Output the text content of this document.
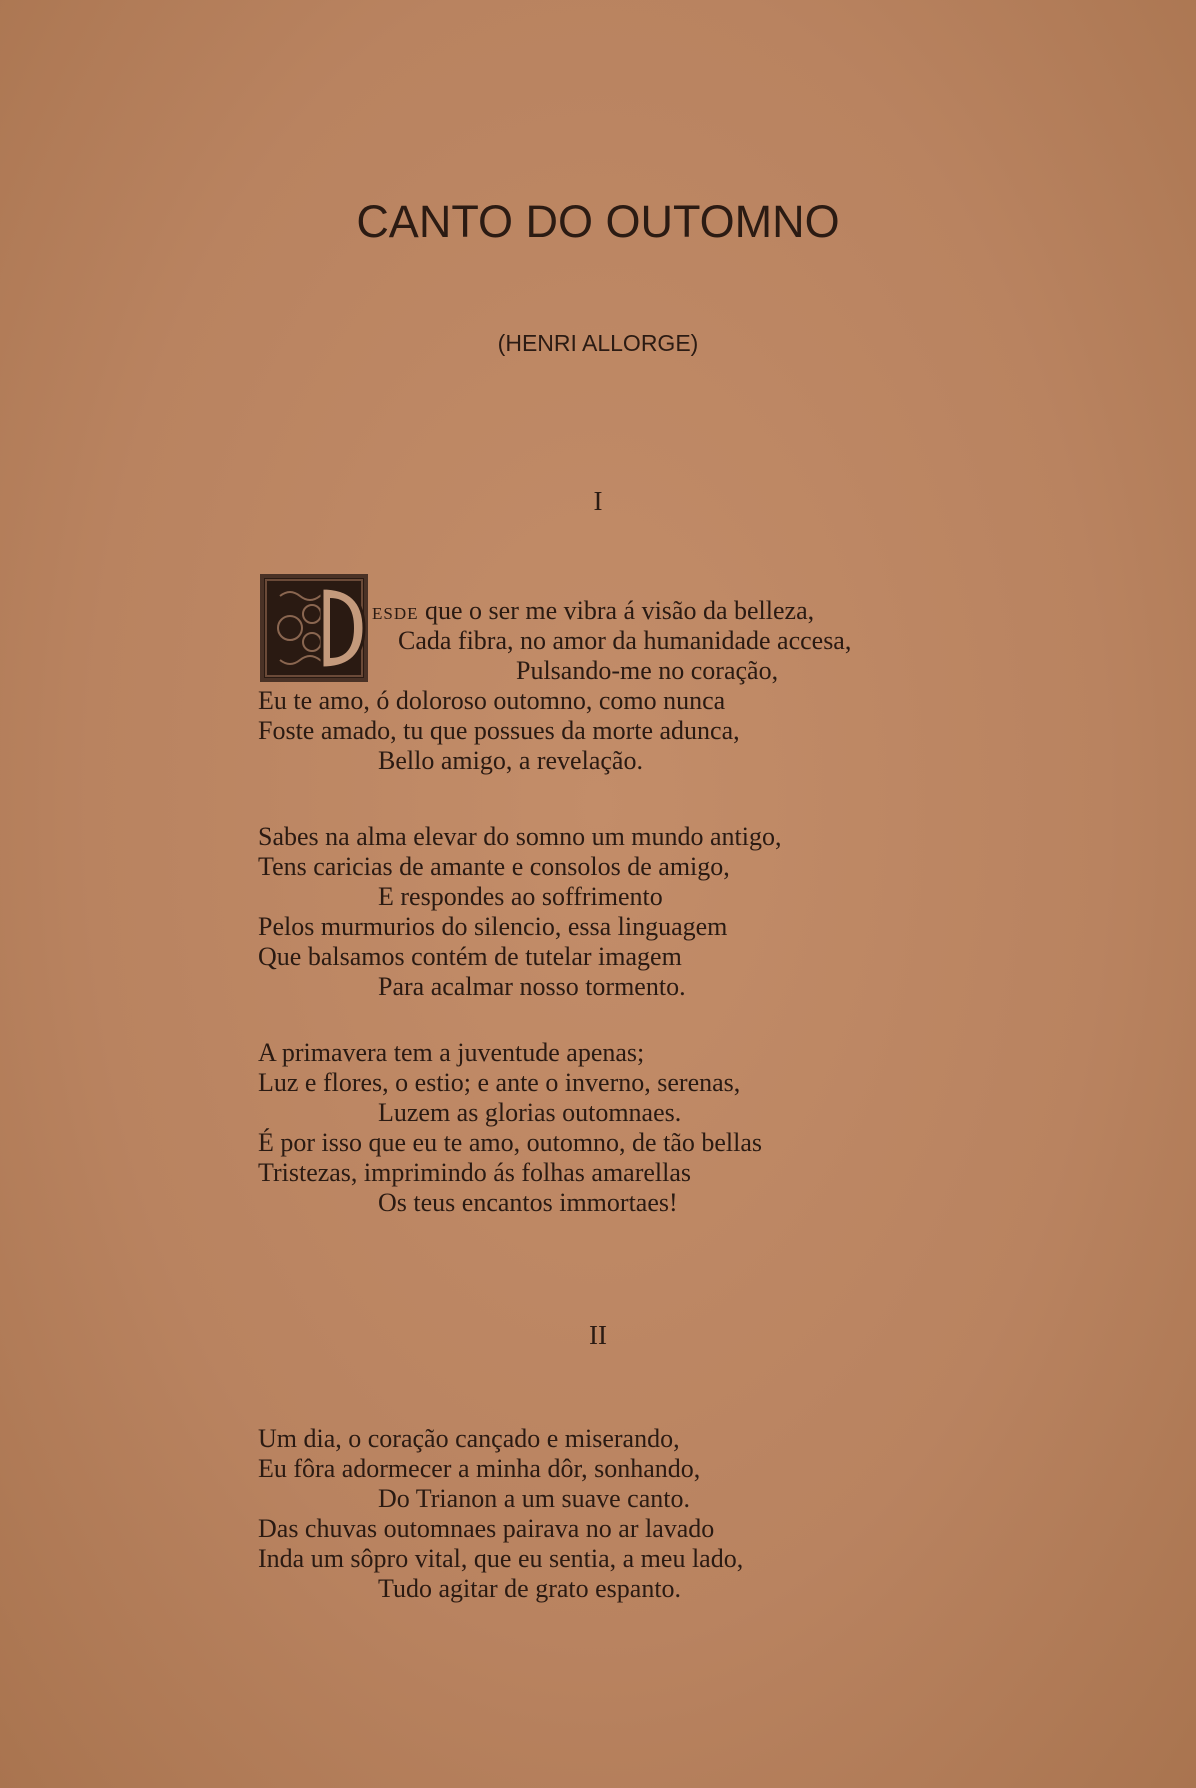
CANTO DO OUTOMNO
(HENRI ALLORGE)
I
ESDE que o ser me vibra á visão da belleza,
Cada fibra, no amor da humanidade accesa,
Pulsando-me no coração,
Eu te amo, ó doloroso outomno, como nunca
Foste amado, tu que possues da morte adunca,
Bello amigo, a revelação.
Sabes na alma elevar do somno um mundo antigo,
Tens caricias de amante e consolos de amigo,
E respondes ao soffrimento
Pelos murmurios do silencio, essa linguagem
Que balsamos contém de tutelar imagem
Para acalmar nosso tormento.
A primavera tem a juventude apenas;
Luz e flores, o estio; e ante o inverno, serenas,
Luzem as glorias outomnaes.
É por isso que eu te amo, outomno, de tão bellas
Tristezas, imprimindo ás folhas amarellas
Os teus encantos immortaes!
II
Um dia, o coração cançado e miserando,
Eu fôra adormecer a minha dôr, sonhando,
Do Trianon a um suave canto.
Das chuvas outomnaes pairava no ar lavado
Inda um sôpro vital, que eu sentia, a meu lado,
Tudo agitar de grato espanto.
